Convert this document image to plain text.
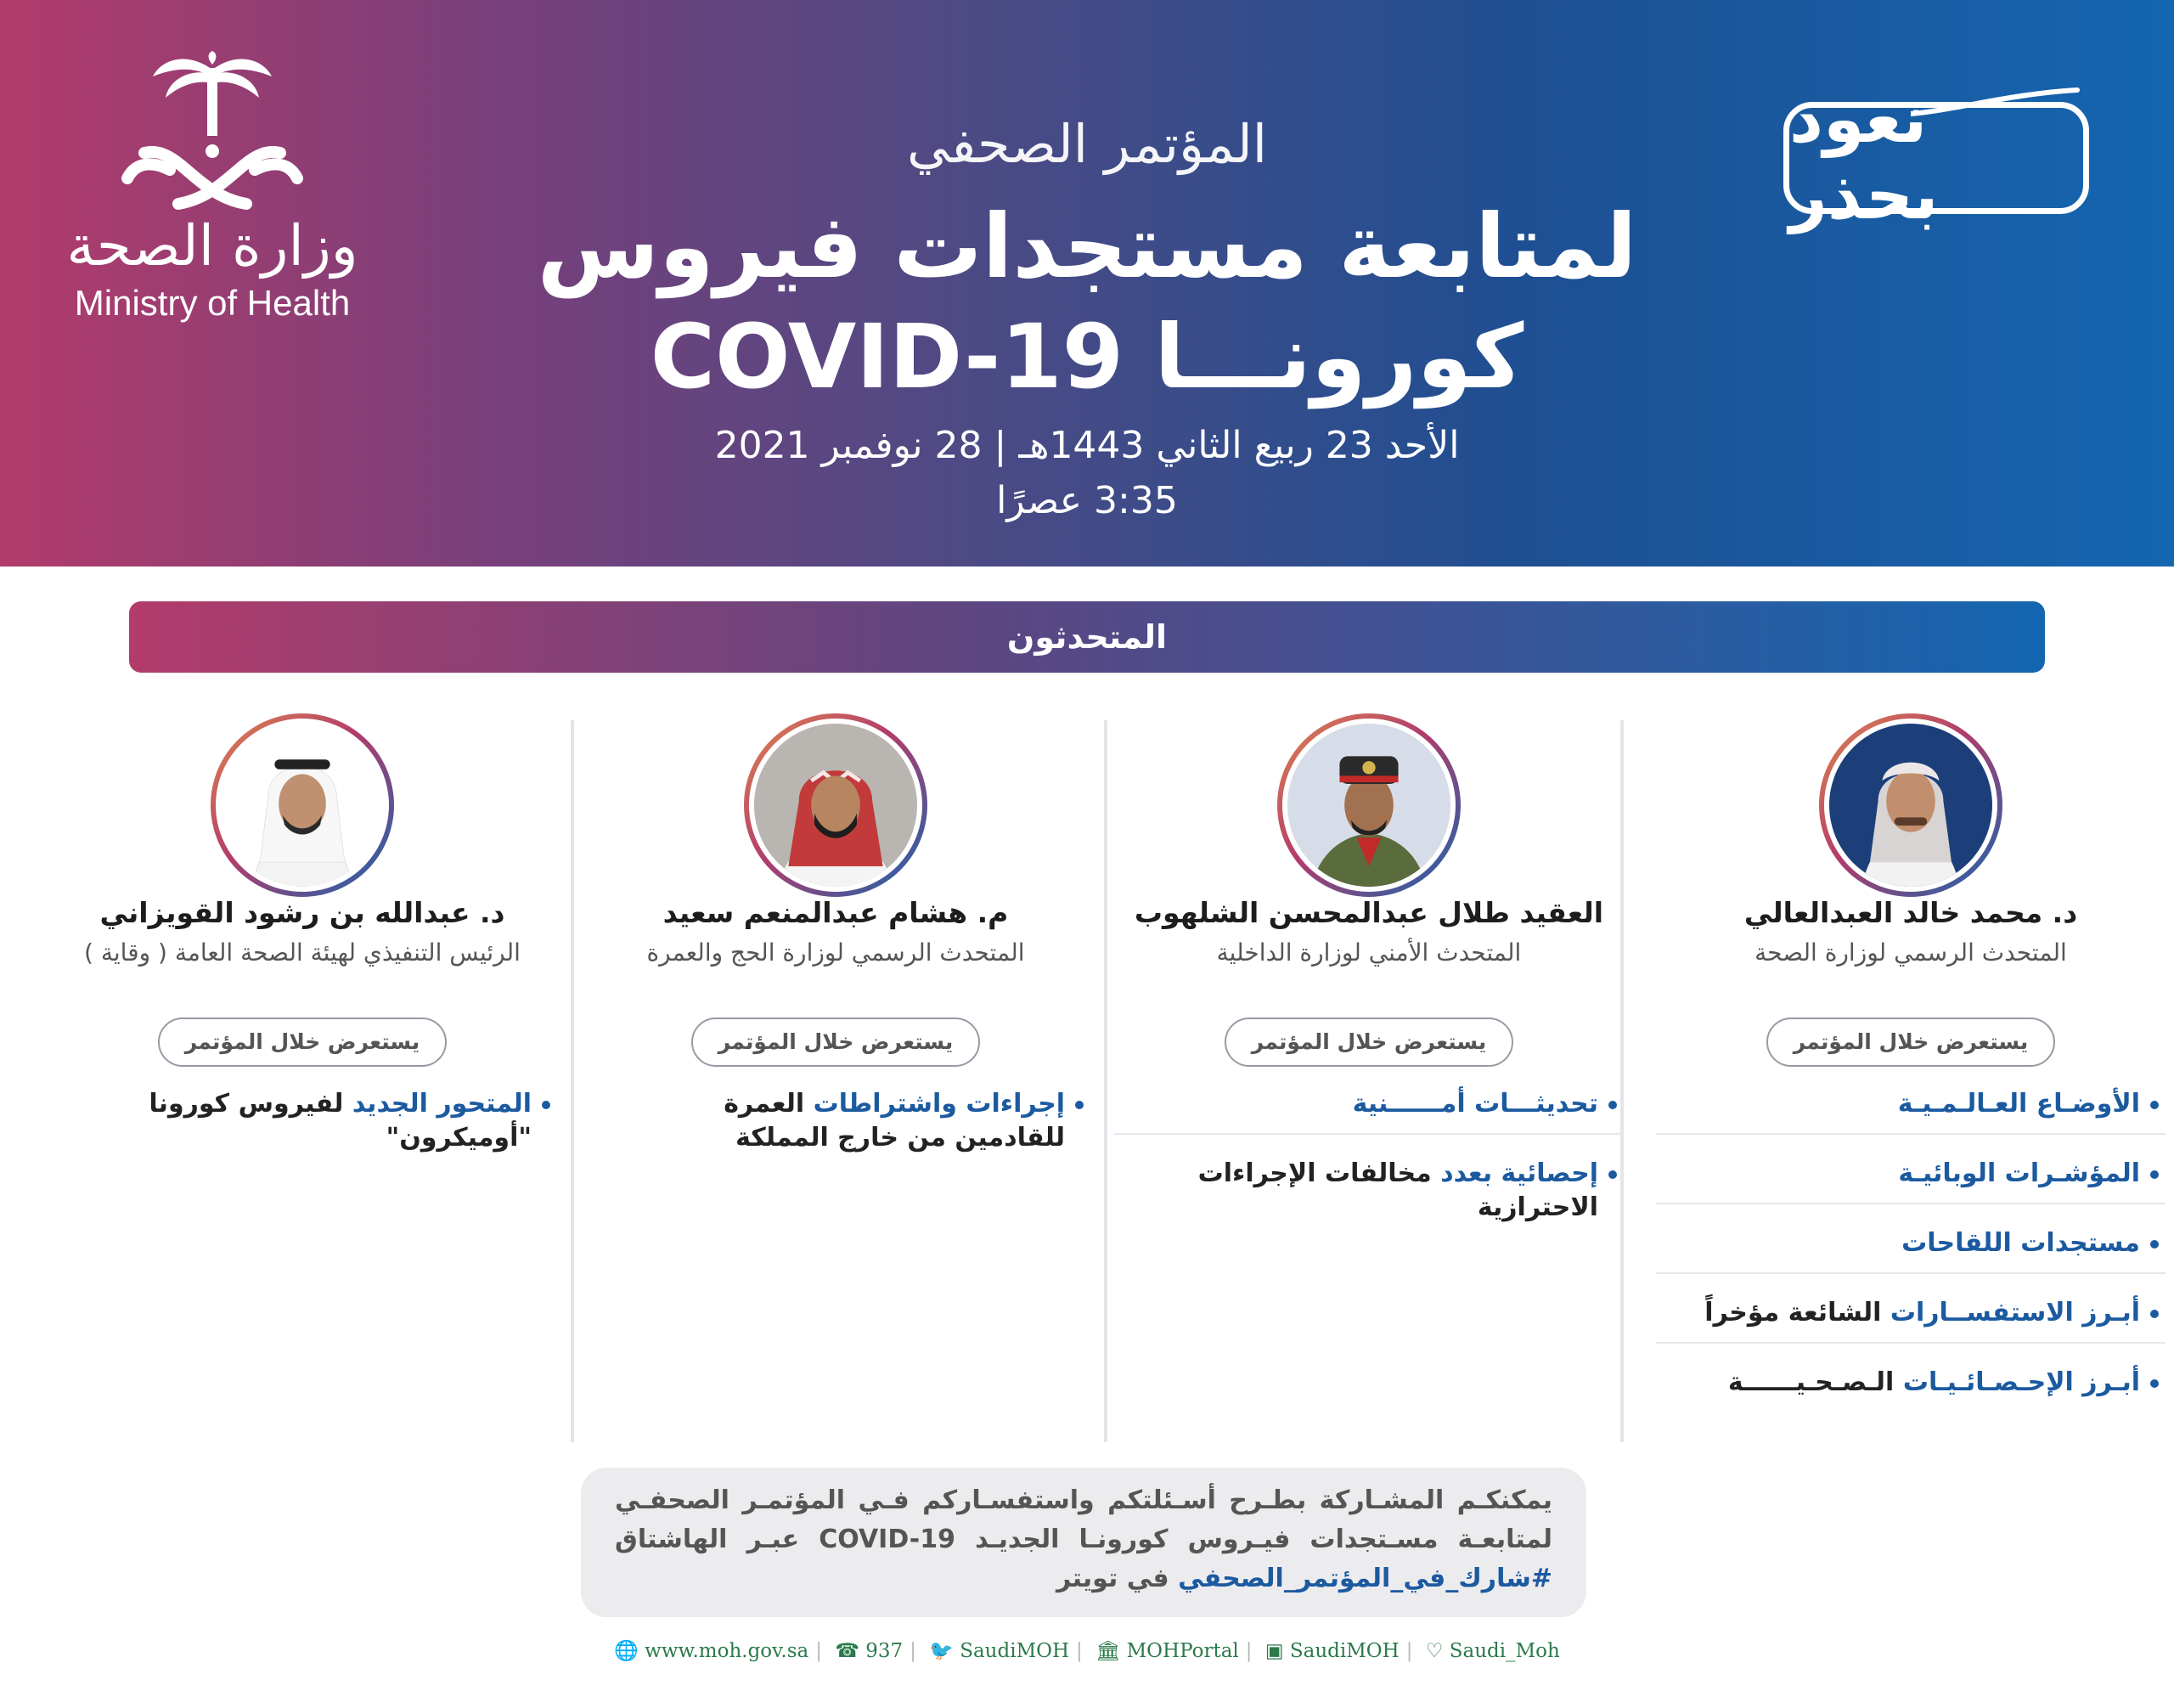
وزارة الصحة
Ministry of Health
المؤتمر الصحفي
لمتابعة مستجدات فيروس
كورونـــا COVID-19
الأحد 23 ربيع الثاني 1443هـ | 28 نوفمبر 2021
3:35 عصرًا
نعود بحذر
المتحدثون
د. محمد خالد العبدالعالي
المتحدث الرسمي لوزارة الصحة
يستعرض خلال المؤتمر
الأوضـاع العـالـمـيـة
المؤشـرات الوبائيـة
مستجدات اللقاحات
أبـرز الاستفســارات الشائعة مؤخراً
أبـرز الإحـصـائـيـات الـصـحـيــــــة
العقيد طلال عبدالمحسن الشلهوب
المتحدث الأمني لوزارة الداخلية
يستعرض خلال المؤتمر
تحديثـــات أمــــــنية
إحصائية بعدد مخالفات الإجراءات الاحترازية
م. هشام عبدالمنعم سعيد
المتحدث الرسمي لوزارة الحج والعمرة
يستعرض خلال المؤتمر
إجراءات واشتراطات العمرة للقادمين من خارج المملكة
د. عبدالله بن رشود القويزاني
الرئيس التنفيذي لهيئة الصحة العامة ( وقاية )
يستعرض خلال المؤتمر
المتحور الجديد لفيروس كورونا "أوميكرون"

يمكنكـم المشـاركة بطـرح أسـئلتكم واستفسـاركم فـي المؤتمـر الصحفـي لمتابعـة مسـتجدات فيـروس كورونـا الجديـد COVID-19 عبـر الهاشتاق #شارك_في_المؤتمر_الصحفي في تويتر

🌐 www.moh.gov.sa | ☎ 937 | 🐦 SaudiMOH | 🏛 MOHPortal | ▣ SaudiMOH | ♡ Saudi_Moh
